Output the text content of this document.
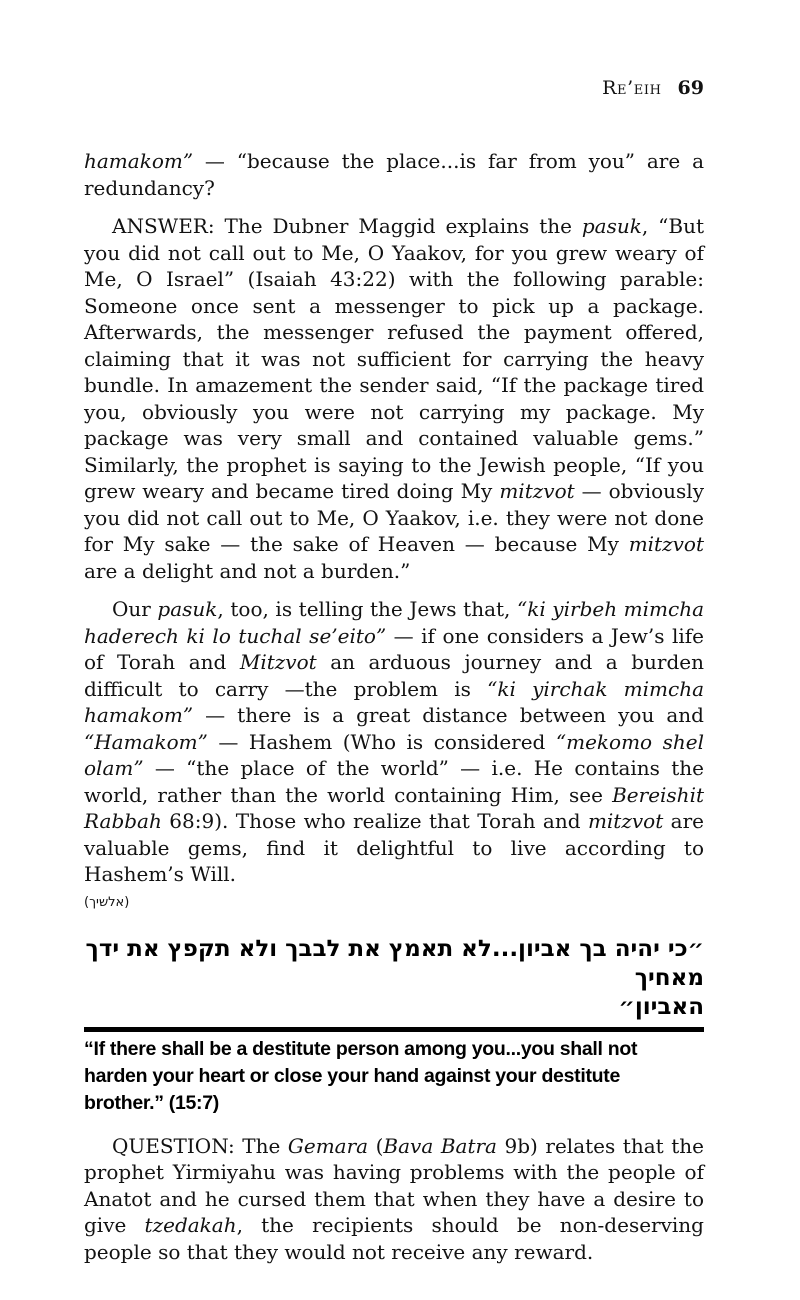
Re’eih 69

hamakom” — “because the place...is far from you” are a redundancy?

ANSWER: The Dubner Maggid explains the pasuk, “But you did not call out to Me, O Yaakov, for you grew weary of Me, O Israel” (Isaiah 43:22) with the following parable: Someone once sent a messenger to pick up a package. Afterwards, the messenger refused the payment offered, claiming that it was not sufficient for carrying the heavy bundle. In amazement the sender said, “If the package tired you, obviously you were not carrying my package. My package was very small and contained valuable gems.” Similarly, the prophet is saying to the Jewish people, “If you grew weary and became tired doing My mitzvot — obviously you did not call out to Me, O Yaakov, i.e. they were not done for My sake — the sake of Heaven — because My mitzvot are a delight and not a burden.”

Our pasuk, too, is telling the Jews that, “ki yirbeh mimcha haderech ki lo tuchal se’eito” — if one considers a Jew’s life of Torah and Mitzvot an arduous journey and a burden difficult to carry —the problem is “ki yirchak mimcha hamakom” — there is a great distance between you and “Hamakom” — Hashem (Who is considered “mekomo shel olam” — “the place of the world” — i.e. He contains the world, rather than the world containing Him, see Bereishit Rabbah 68:9). Those who realize that Torah and mitzvot are valuable gems, find it delightful to live according to Hashem’s Will.

(אלשיך)
״כי יהיה בך אביון...לא תאמץ את לבבך ולא תקפץ את ידך מאחיך
האביון״
“If there shall be a destitute person among you...you shall not
harden your heart or close your hand against your destitute
brother.” (15:7)

QUESTION: The Gemara (Bava Batra 9b) relates that the prophet Yirmiyahu was having problems with the people of Anatot and he cursed them that when they have a desire to give tzedakah, the recipients should be non-deserving people so that they would not receive any reward.
